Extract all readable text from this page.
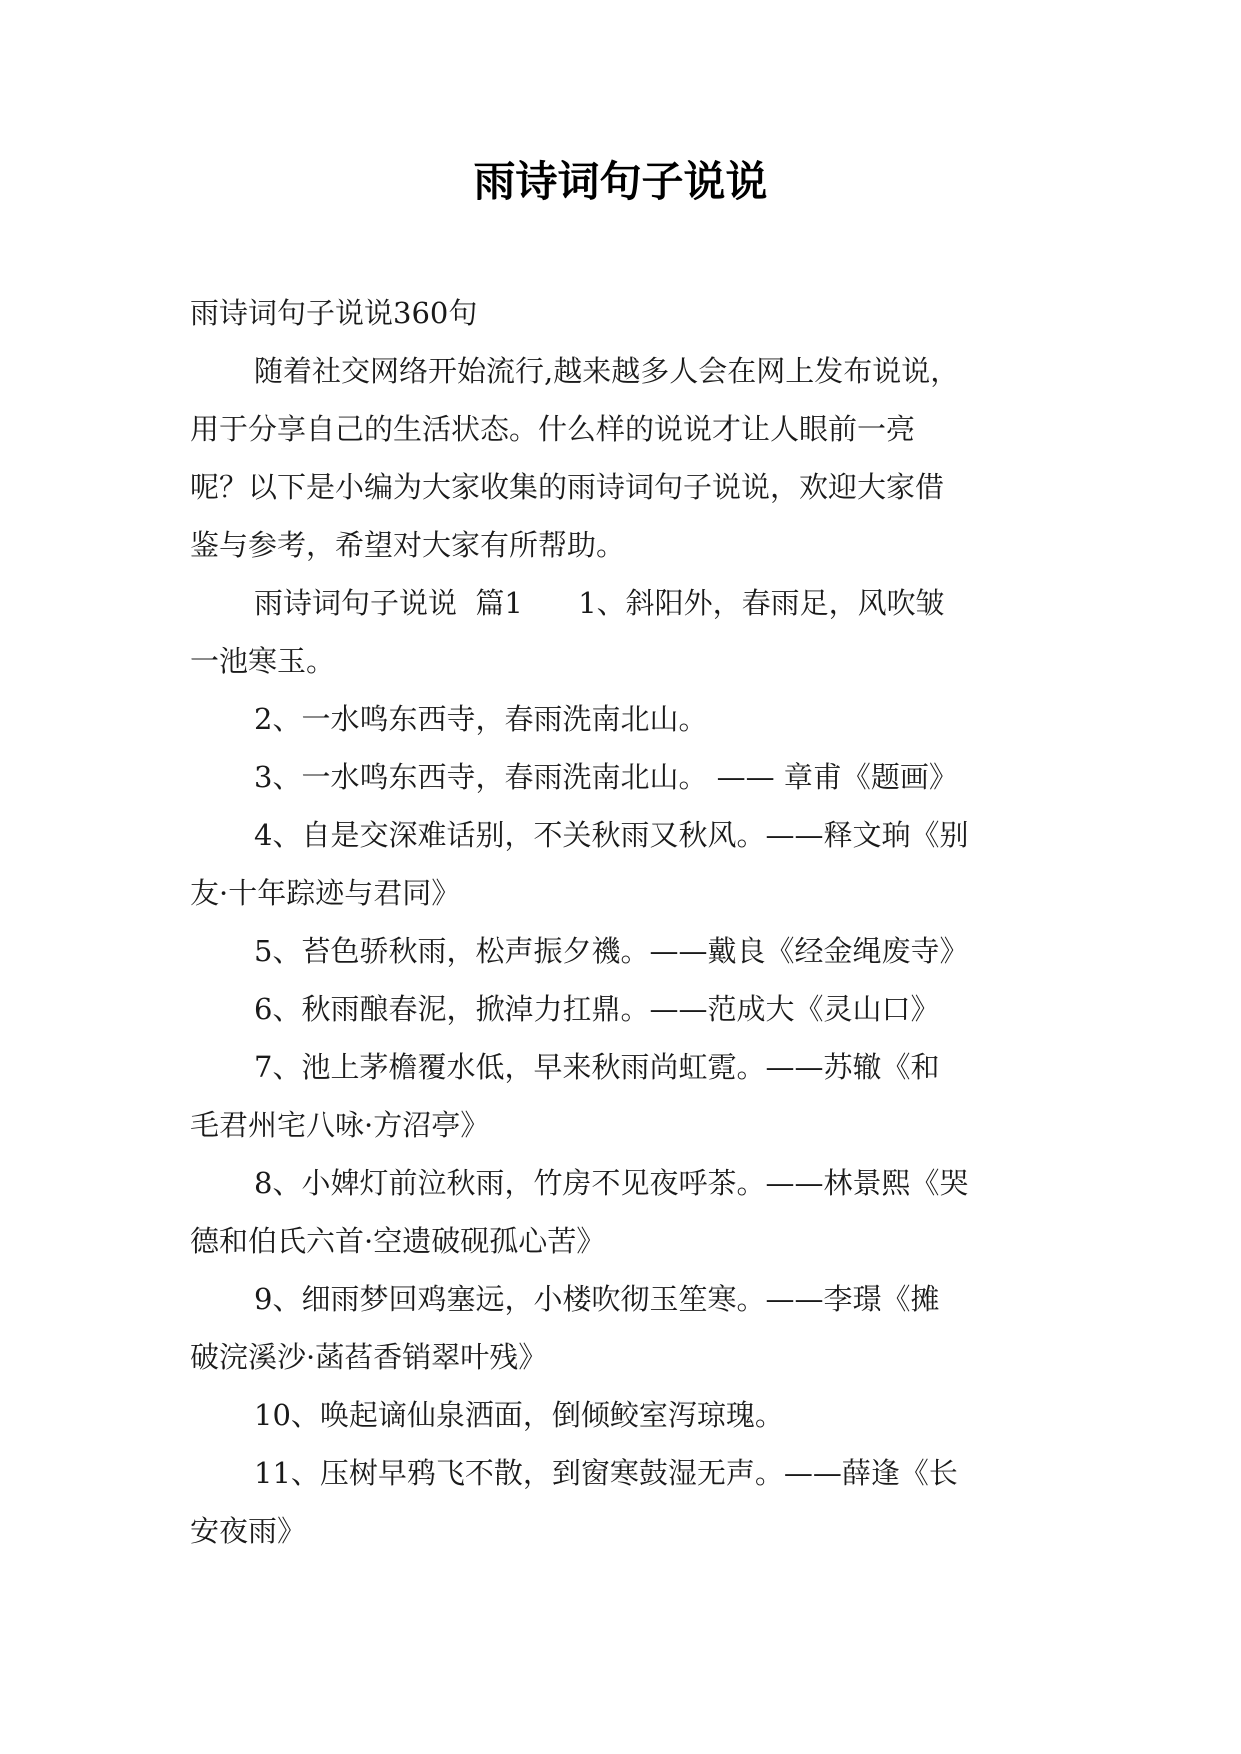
雨诗词句子说说
雨诗词句子说说360句
随着社交网络开始流行,越来越多人会在网上发布说说，
用于分享自己的生活状态。什么样的说说才让人眼前一亮
呢？以下是小编为大家收集的雨诗词句子说说，欢迎大家借
鉴与参考，希望对大家有所帮助。
雨诗词句子说说  篇1      1、斜阳外，春雨足，风吹皱
一池寒玉。
2、一水鸣东西寺，春雨洗南北山。
3、一水鸣东西寺，春雨洗南北山。 —— 章甫《题画》
4、自是交深难话别，不关秋雨又秋风。——释文珦《别
友·十年踪迹与君同》
5、苔色骄秋雨，松声振夕禨。——戴良《经金绳废寺》
6、秋雨酿春泥，掀淖力扛鼎。——范成大《灵山口》
7、池上茅檐覆水低，早来秋雨尚虹霓。——苏辙《和
毛君州宅八咏·方沼亭》
8、小婢灯前泣秋雨，竹房不见夜呼茶。——林景熙《哭
德和伯氏六首·空遗破砚孤心苦》
9、细雨梦回鸡塞远，小楼吹彻玉笙寒。——李璟《摊
破浣溪沙·菡萏香销翠叶残》
10、唤起谪仙泉洒面，倒倾鲛室泻琼瑰。
11、压树早鸦飞不散，到窗寒鼓湿无声。——薛逢《长
安夜雨》
